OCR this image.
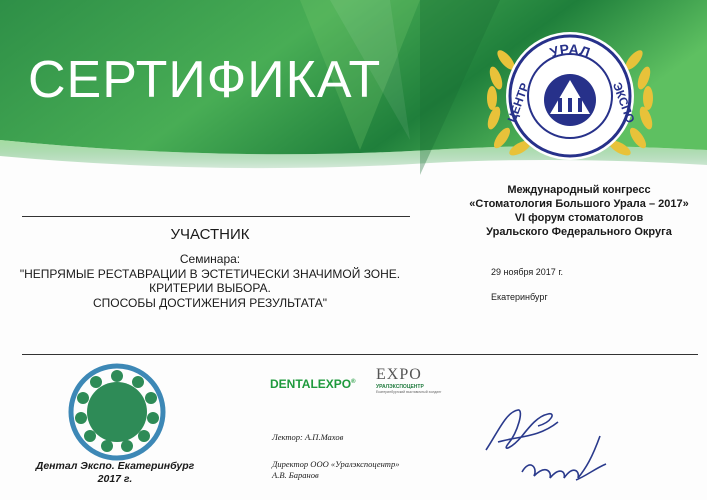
СЕРТИФИКАТ	УРАЛ
ЦЕНТР	ЭКСПО
Международный конгресс
«Стоматология Большого Урала – 2017»
VI форум стоматологов
Уральского Федерального Округа
УЧАСТНИК
Семинара:
"НЕПРЯМЫЕ РЕСТАВРАЦИИ В ЭСТЕТИЧЕСКИ ЗНАЧИМОЙ ЗОНЕ.
КРИТЕРИИ ВЫБОРА.
СПОСОБЫ ДОСТИЖЕНИЯ РЕЗУЛЬТАТА"
29 ноября 2017 г.
Екатеринбург
Дентал Экспо. Екатеринбург
2017 г.
DENTALEXPO® EXPO
УРАЛЭКСПОЦЕНТР
Екатеринбургский выставочный холдинг
Лектор: А.П.Махов
Директор ООО «Уралэкспоцентр»
А.В. Баранов
